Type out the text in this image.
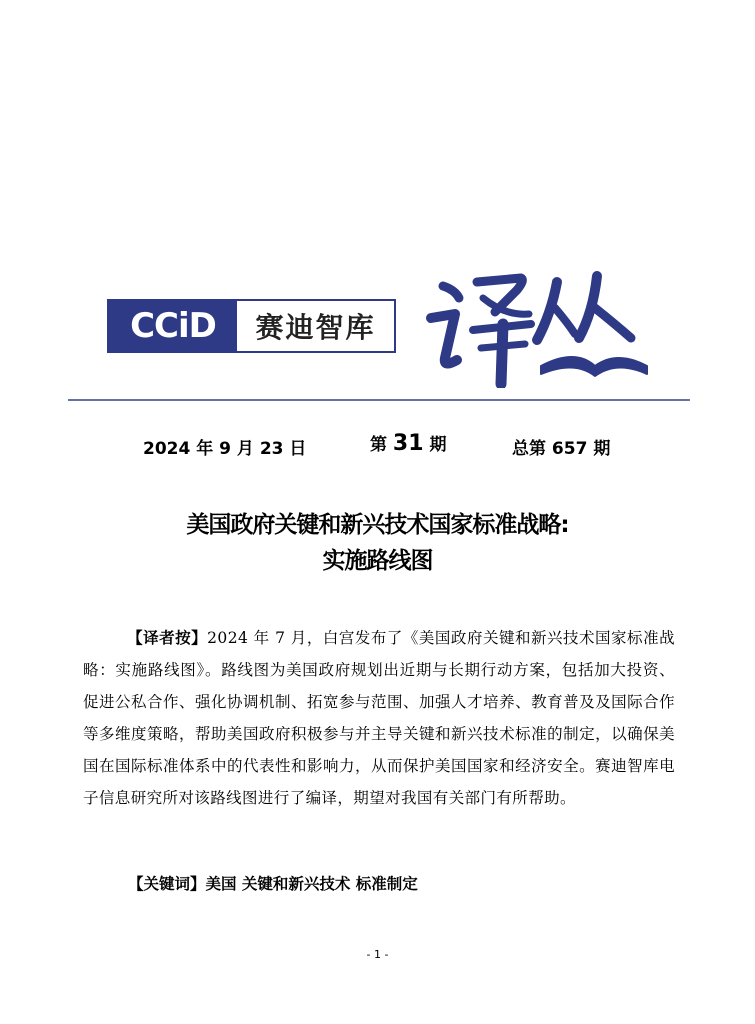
CCiD	赛迪智库
2024 年 9 月 23 日	第 31 期	总第 657 期
美国政府关键和新兴技术国家标准战略:
实施路线图
【译者按】2024 年 7 月，白宫发布了《美国政府关键和新兴技术国家标准战略：实施路线图》。路线图为美国政府规划出近期与长期行动方案，包括加大投资、促进公私合作、强化协调机制、拓宽参与范围、加强人才培养、教育普及及国际合作等多维度策略，帮助美国政府积极参与并主导关键和新兴技术标准的制定，以确保美国在国际标准体系中的代表性和影响力，从而保护美国国家和经济安全。赛迪智库电子信息研究所对该路线图进行了编译，期望对我国有关部门有所帮助。
【关键词】美国 关键和新兴技术 标准制定
- 1 -
